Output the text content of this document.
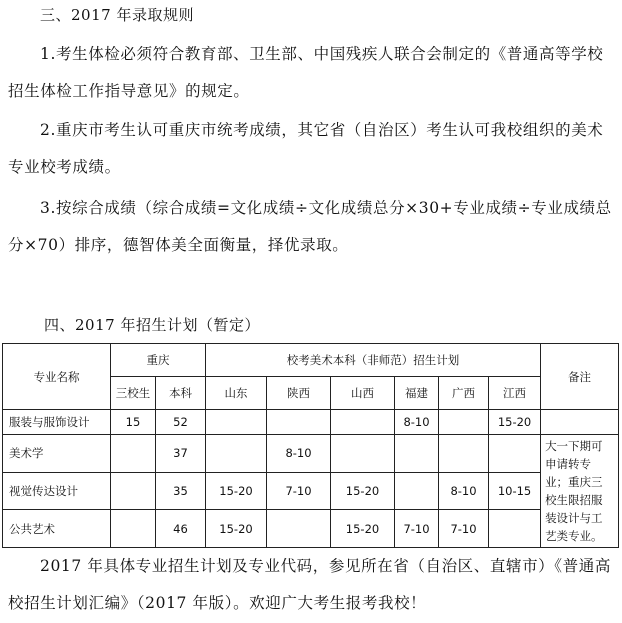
三、2017 年录取规则
1.考生体检必须符合教育部、卫生部、中国残疾人联合会制定的《普通高等学校招生体检工作指导意见》的规定。
2.重庆市考生认可重庆市统考成绩，其它省（自治区）考生认可我校组织的美术专业校考成绩。
3.按综合成绩（综合成绩=文化成绩÷文化成绩总分×30+专业成绩÷专业成绩总分×70）排序，德智体美全面衡量，择优录取。
四、2017 年招生计划（暂定）
专业名称	重庆		校考美术本科（非师范）招生计划						备注
	三校生	本科	山东	陕西	山西	福建	广西	江西	
服装与服饰设计	15	52				8-10		15-20	
美术学		37		8-10					大一下期可申请转专业；重庆三校生限招服装设计与工艺类专业。
视觉传达设计		35	15-20	7-10	15-20		8-10	10-15	
公共艺术		46	15-20		15-20	7-10	7-10		
2017 年具体专业招生计划及专业代码，参见所在省（自治区、直辖市）《普通高校招生计划汇编》（2017 年版）。欢迎广大考生报考我校！
